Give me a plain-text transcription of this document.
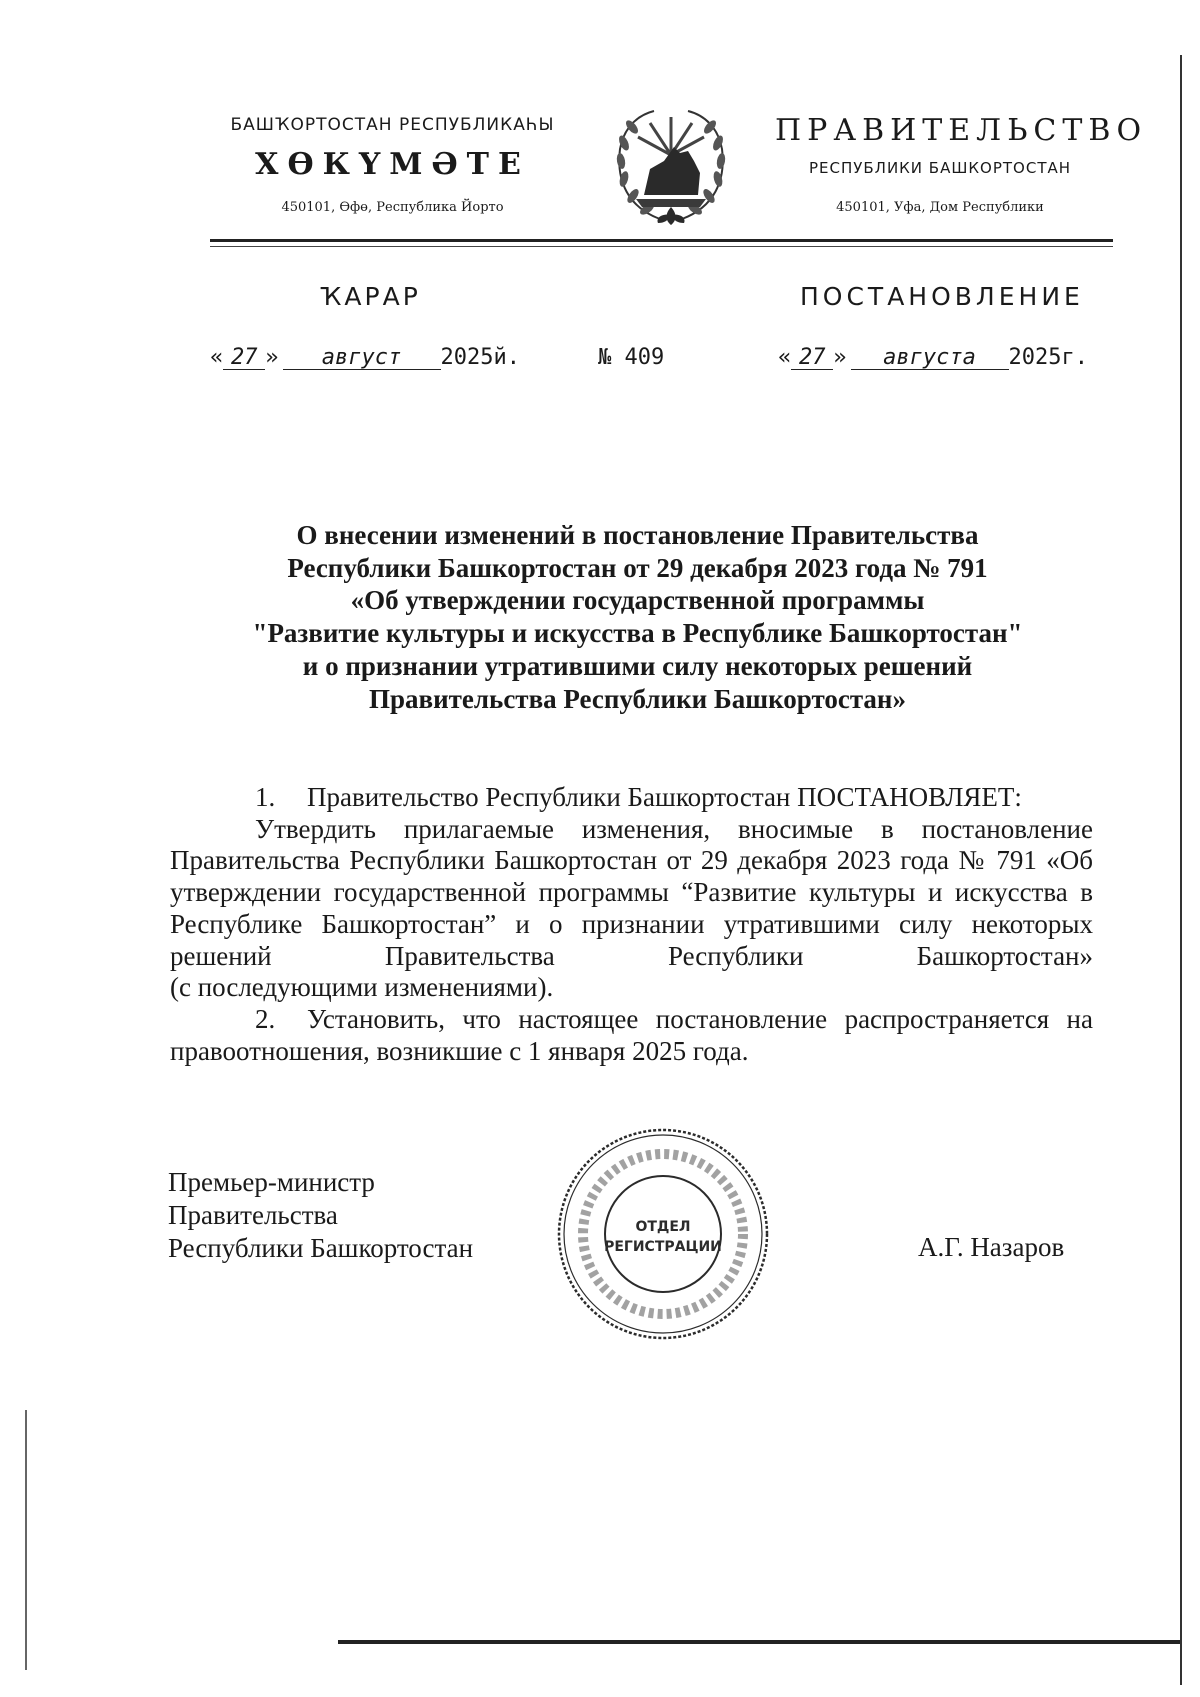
БАШҠОРТОСТАН РЕСПУБЛИКАҺЫ
ХӨКҮМӘТЕ
450101, Өфө, Республика Йорто
ПРАВИТЕЛЬСТВО
РЕСПУБЛИКИ БАШКОРТОСТАН
450101, Уфа, Дом Республики
ҠАРАР	ПОСТАНОВЛЕНИЕ
« 27 » август 2025й.	№ 409	« 27 » августа 2025г.
О внесении изменений в постановление Правительства
Республики Башкортостан от 29 декабря 2023 года № 791
«Об утверждении государственной программы
"Развитие культуры и искусства в Республике Башкортостан"
и о признании утратившими силу некоторых решений
Правительства Республики Башкортостан»

1. Правительство Республики Башкортостан ПОСТАНОВЛЯЕТ:

Утвердить прилагаемые изменения, вносимые в постановление Правительства Республики Башкортостан от 29 декабря 2023 года № 791 «Об утверждении государственной программы “Развитие культуры и искусства в Республике Башкортостан” и о признании утратившими силу некоторых решений Правительства Республики Башкортостан»

(с последующими изменениями).

2. Установить, что настоящее постановление распространяется на правоотношения, возникшие с 1 января 2025 года.

Премьер-министр
Правительства
Республики Башкортостан	А.Г. Назаров
ОТДЕЛ
РЕГИСТРАЦИИ
